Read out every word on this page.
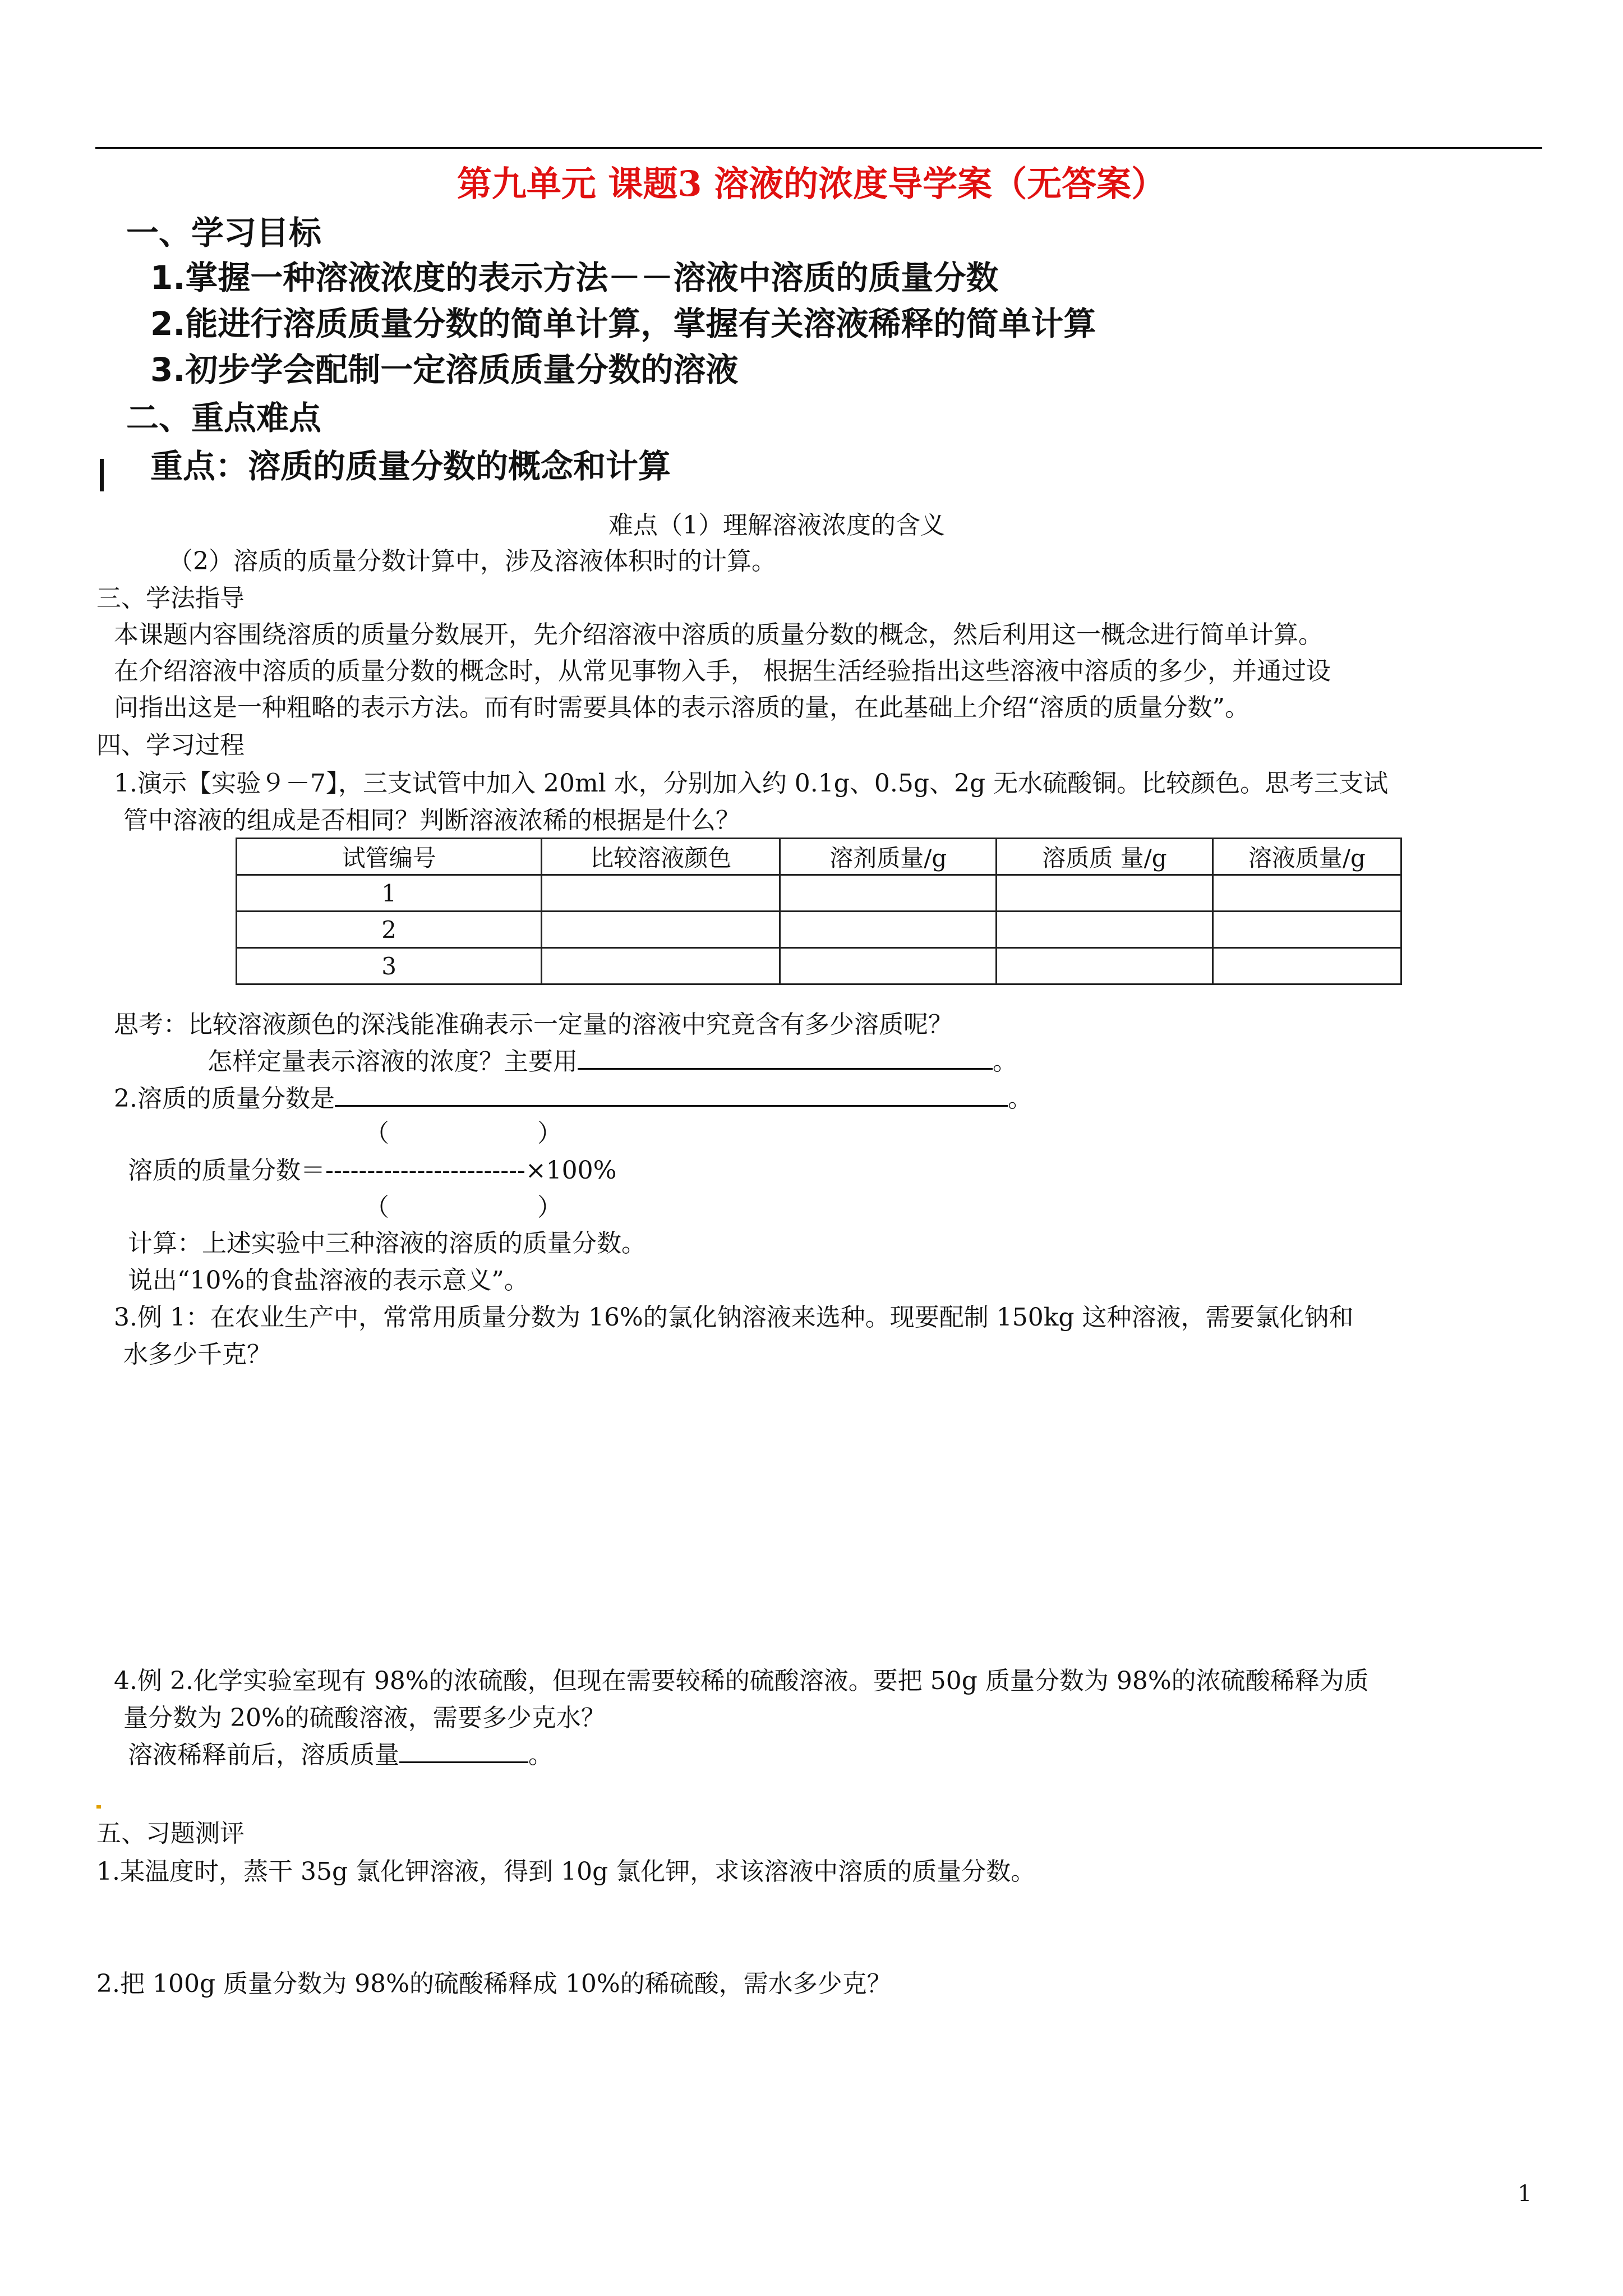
第九单元 课题3 溶液的浓度导学案（无答案）
一、学习目标
1.掌握一种溶液浓度的表示方法－－溶液中溶质的质量分数
2.能进行溶质质量分数的简单计算，掌握有关溶液稀释的简单计算
3.初步学会配制一定溶质质量分数的溶液
二、重点难点
重点：溶质的质量分数的概念和计算
难点（1）理解溶液浓度的含义
（2）溶质的质量分数计算中，涉及溶液体积时的计算。
三、学法指导
本课题内容围绕溶质的质量分数展开，先介绍溶液中溶质的质量分数的概念，然后利用这一概念进行简单计算。
在介绍溶液中溶质的质量分数的概念时，从常见事物入手， 根据生活经验指出这些溶液中溶质的多少，并通过设
问指出这是一种粗略的表示方法。而有时需要具体的表示溶质的量，在此基础上介绍“溶质的质量分数”。
四、学习过程
1.演示【实验９－7】，三支试管中加入 20ml 水，分别加入约 0.1g、0.5g、2g 无水硫酸铜。比较颜色。思考三支试
管中溶液的组成是否相同？判断溶液浓稀的根据是什么？
试管编号	比较溶液颜色	溶剂质量/g	溶质质 量/g	溶液质量/g
1				
2				
3				
思考：比较溶液颜色的深浅能准确表示一定量的溶液中究竟含有多少溶质呢？
怎样定量表示溶液的浓度？主要用	。
2.溶质的质量分数是	。
（　　　　　　）
溶质的质量分数＝------------------------×100%
（　　　　　　）
计算：上述实验中三种溶液的溶质的质量分数。
说出“10%的食盐溶液的表示意义”。
3.例 1：在农业生产中，常常用质量分数为 16%的氯化钠溶液来选种。现要配制 150kg 这种溶液，需要氯化钠和
水多少千克？
4.例 2.化学实验室现有 98%的浓硫酸，但现在需要较稀的硫酸溶液。要把 50g 质量分数为 98%的浓硫酸稀释为质
量分数为 20%的硫酸溶液，需要多少克水？
溶液稀释前后，溶质质量	。
五、习题测评
1.某温度时，蒸干 35g 氯化钾溶液，得到 10g 氯化钾，求该溶液中溶质的质量分数。
2.把 100g 质量分数为 98%的硫酸稀释成 10%的稀硫酸，需水多少克？
1
